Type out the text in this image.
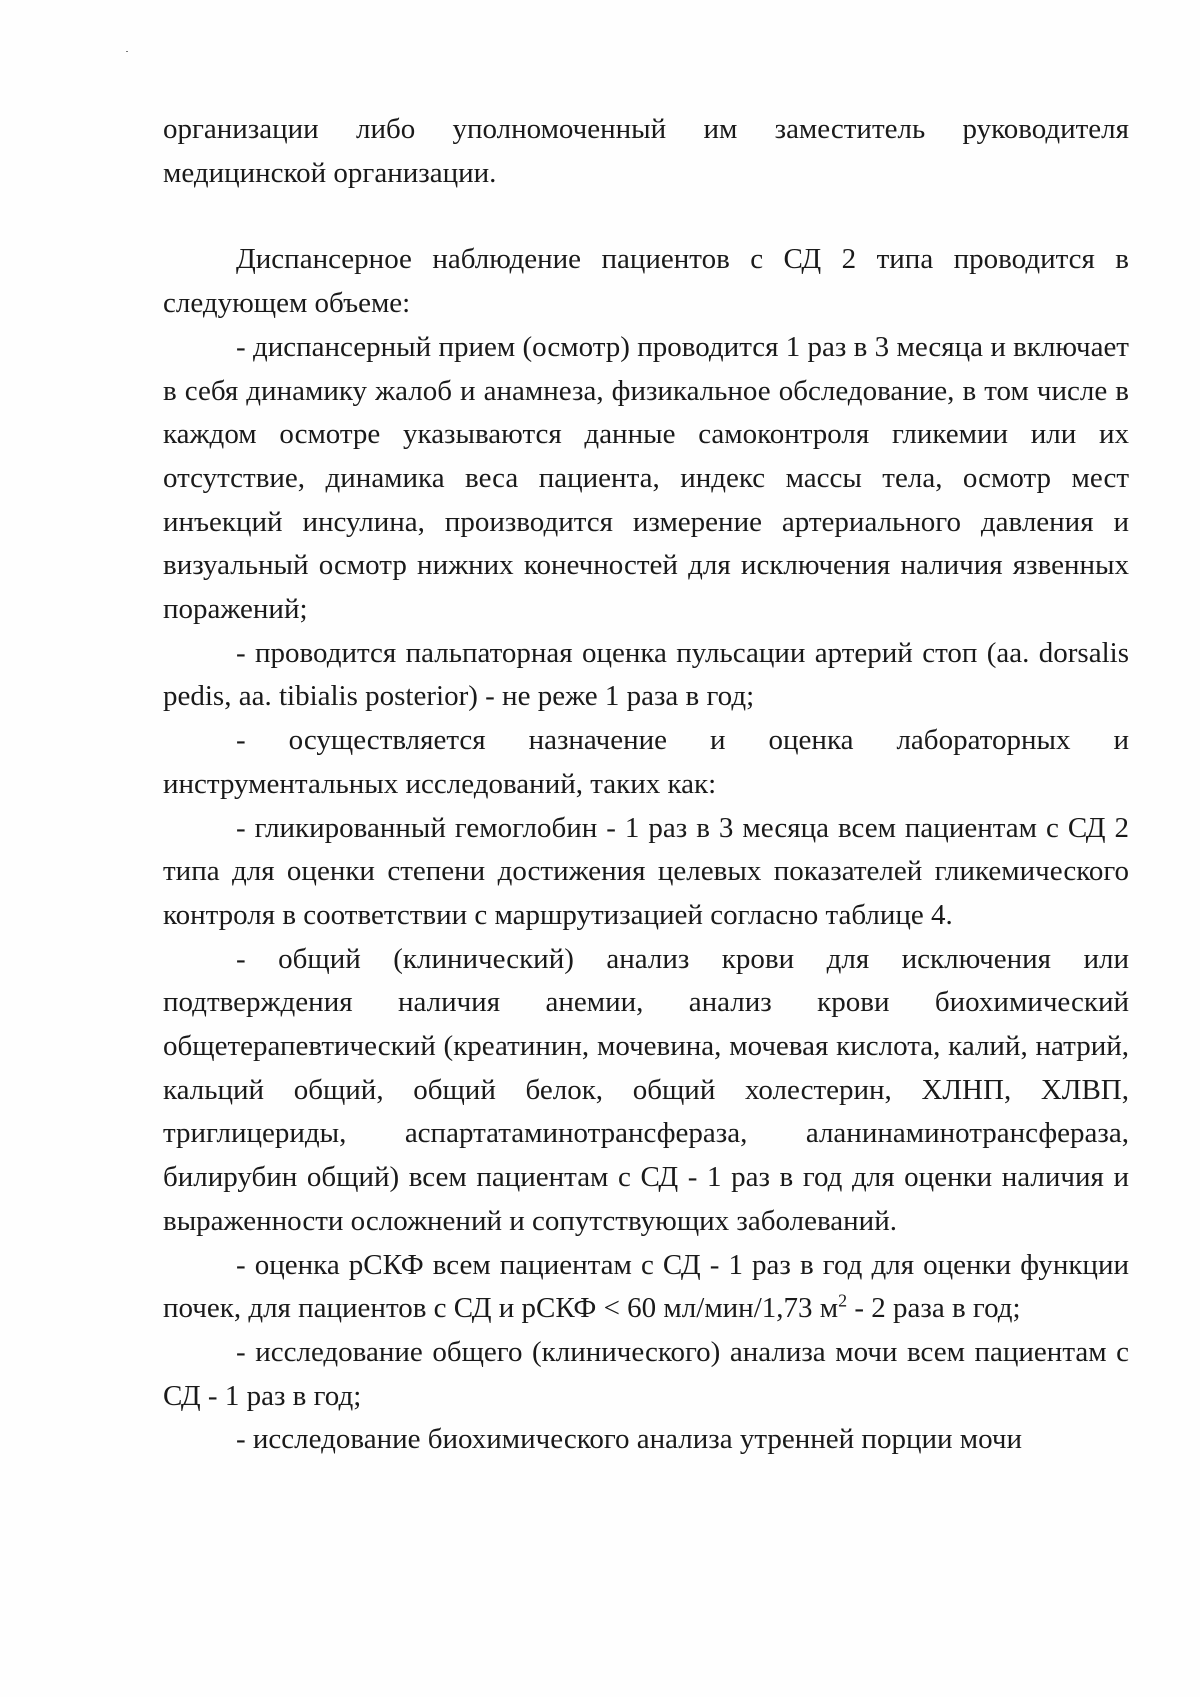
организации либо уполномоченный им заместитель руководителя медицинской организации.

Диспансерное наблюдение пациентов с СД 2 типа проводится в следующем объеме:

- диспансерный прием (осмотр) проводится 1 раз в 3 месяца и включает в себя динамику жалоб и анамнеза, физикальное обследование, в том числе в каждом осмотре указываются данные самоконтроля гликемии или их отсутствие, динамика веса пациента, индекс массы тела, осмотр мест инъекций инсулина, производится измерение артериального давления и визуальный осмотр нижних конечностей для исключения наличия язвенных поражений;

- проводится пальпаторная оценка пульсации артерий стоп (aa. dorsalis pedis, aa. tibialis posterior) - не реже 1 раза в год;

- осуществляется назначение и оценка лабораторных и инструментальных исследований, таких как:

- гликированный гемоглобин - 1 раз в 3 месяца всем пациентам с СД 2 типа для оценки степени достижения целевых показателей гликемического контроля в соответствии с маршрутизацией согласно таблице 4.

- общий (клинический) анализ крови для исключения или подтверждения наличия анемии, анализ крови биохимический общетерапевтический (креатинин, мочевина, мочевая кислота, калий, натрий, кальций общий, общий белок, общий холестерин, ХЛНП, ХЛВП, триглицериды, аспартатаминотрансфераза, аланинаминотрансфераза, билирубин общий) всем пациентам с СД - 1 раз в год для оценки наличия и выраженности осложнений и сопутствующих заболеваний.

- оценка рСКФ всем пациентам с СД - 1 раз в год для оценки функции почек, для пациентов с СД и рСКФ < 60 мл/мин/1,73 $м^2 - 2$ раза в год;

- исследование общего (клинического) анализа мочи всем пациентам с СД - 1 раз в год;

- исследование биохимического анализа утренней порции мочи
